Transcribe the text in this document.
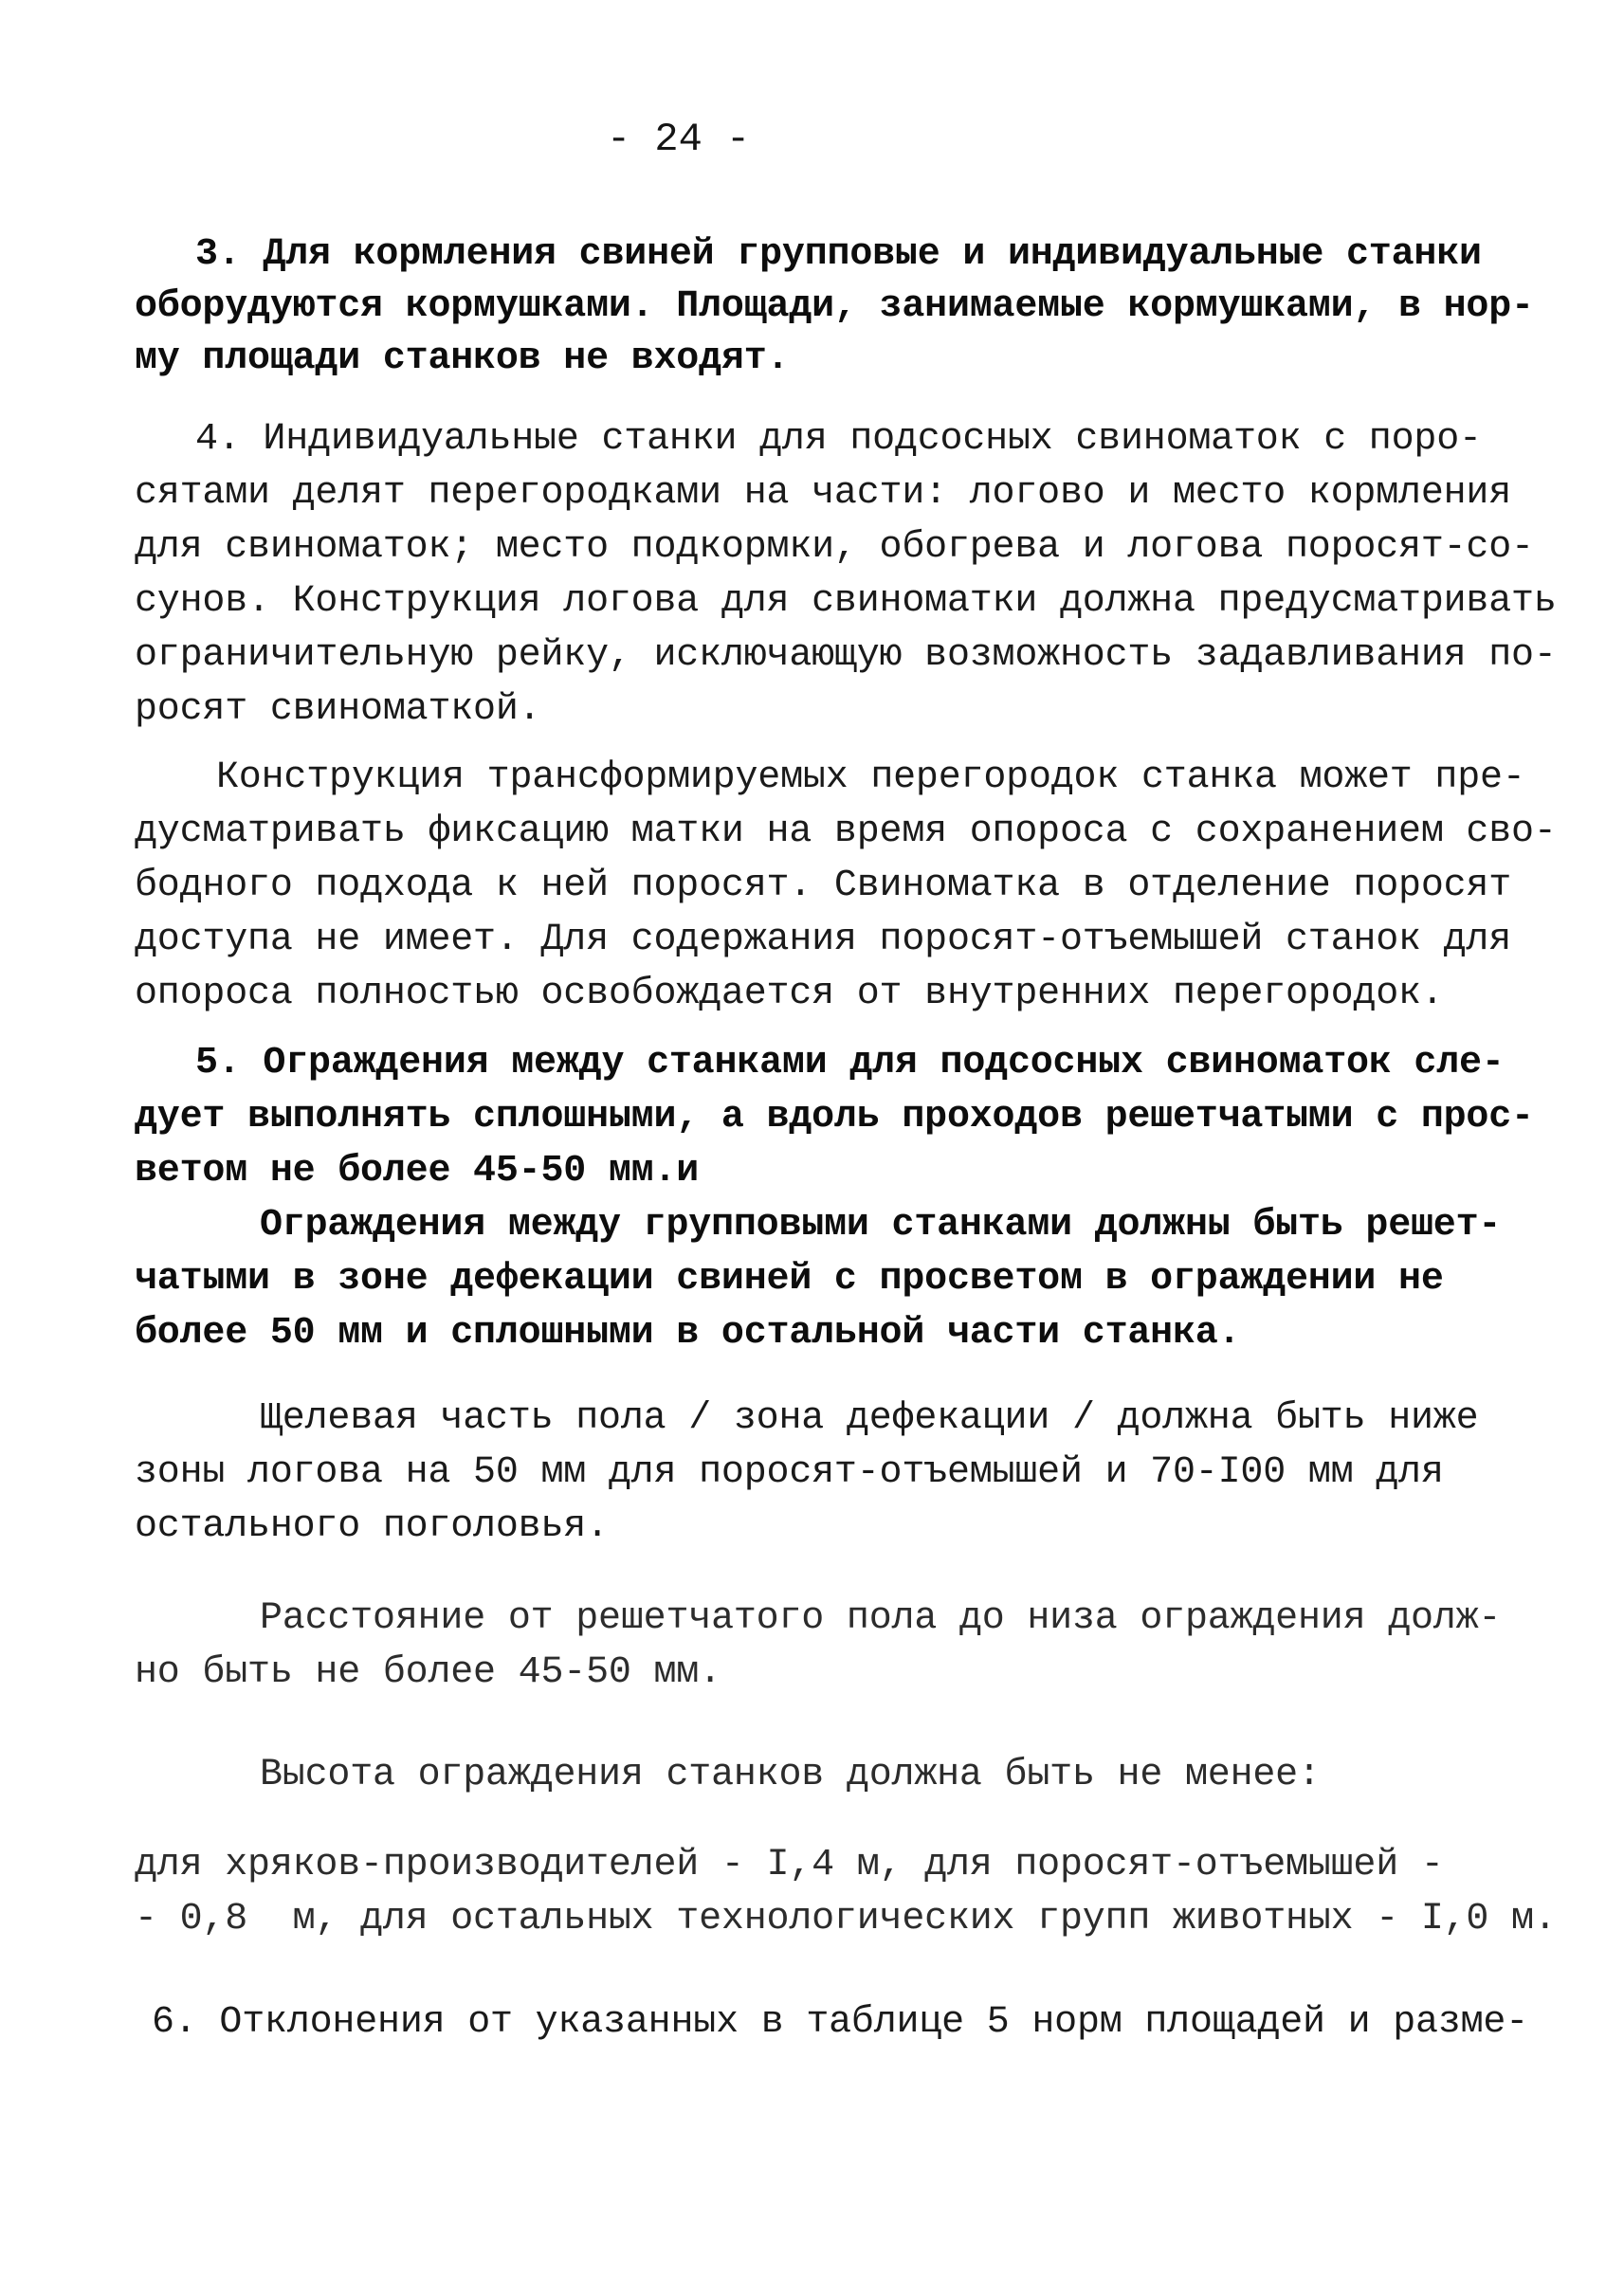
- 24 -

3. Для кормления свиней групповые и индивидуальные станки

оборудуются кормушками. Площади, занимаемые кормушками, в нор-

му площади станков не входят.

4. Индивидуальные станки для подсосных свиноматок с поро-

сятами делят перегородками на части: логово и место кормления

для свиноматок; место подкормки, обогрева и логова поросят-со-

сунов. Конструкция логова для свиноматки должна предусматривать

ограничительную рейку, исключающую возможность задавливания по-

росят свиноматкой.

Конструкция трансформируемых перегородок станка может пре-

дусматривать фиксацию матки на время опороса с сохранением сво-

бодного подхода к ней поросят. Свиноматка в отделение поросят

доступа не имеет. Для содержания поросят-отъемышей станок для

опороса полностью освобождается от внутренних перегородок.

5. Ограждения между станками для подсосных свиноматок сле-

дует выполнять сплошными, а вдоль проходов решетчатыми с прос-

ветом не более 45-50 мм.и

Ограждения между групповыми станками должны быть решет-

чатыми в зоне дефекации свиней с просветом в ограждении не

более 50 мм и сплошными в остальной части станка.

Щелевая часть пола / зона дефекации / должна быть ниже

зоны логова на 50 мм для поросят-отъемышей и 70-I00 мм для

остального поголовья.

Расстояние от решетчатого пола до низа ограждения долж-

но быть не более 45-50 мм.

Высота ограждения станков должна быть не менее:

для хряков-производителей - I,4 м, для поросят-отъемышей -

- 0,8  м, для остальных технологических групп животных - I,0 м.

6. Отклонения от указанных в таблице 5 норм площадей и разме-
